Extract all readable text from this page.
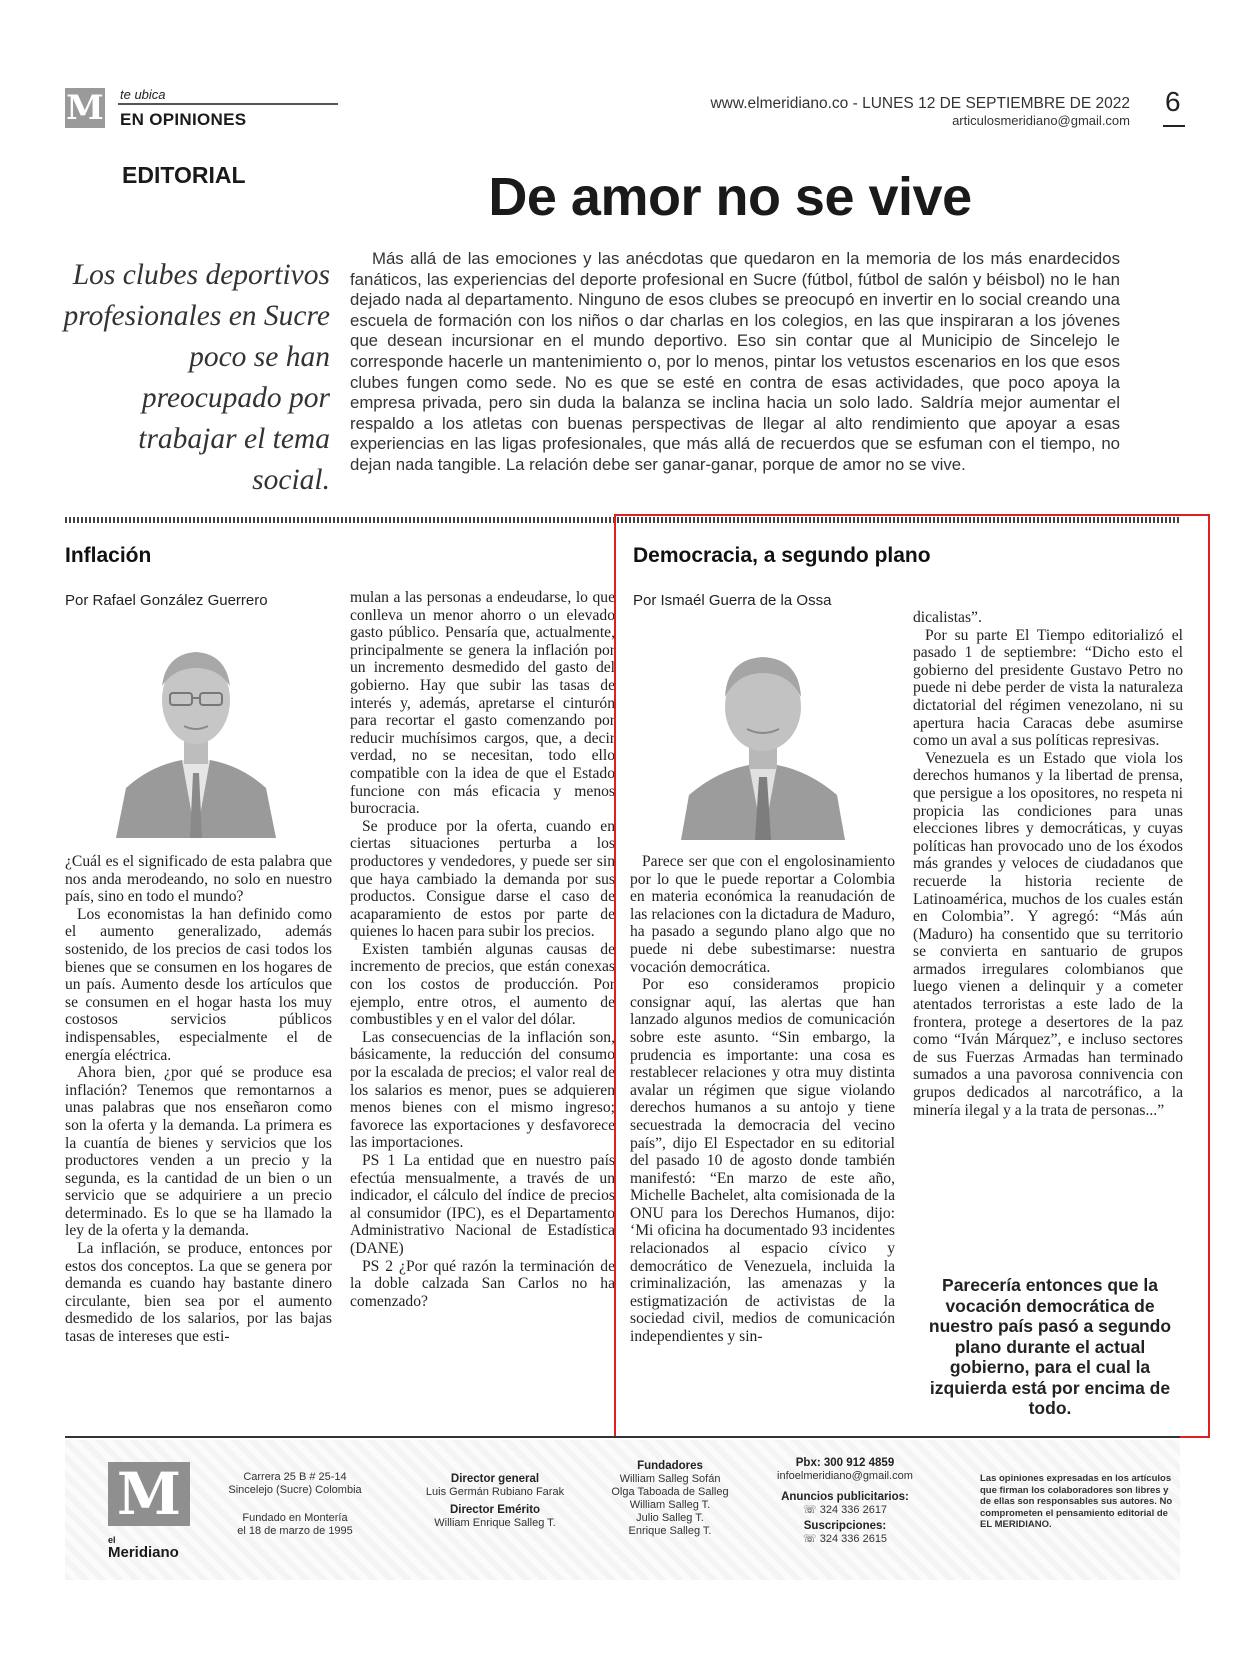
M te ubica
EN OPINIONES
www.elmeridiano.co - LUNES 12 DE SEPTIEMBRE DE 2022
articulosmeridiano@gmail.com
6
EDITORIAL	De amor no se vive
Los clubes deportivos profesionales en Sucre poco se han preocupado por trabajar el tema social.
Más allá de las emociones y las anécdotas que quedaron en la memoria de los más enardecidos fanáticos, las experiencias del deporte profesional en Sucre (fútbol, fútbol de salón y béisbol) no le han dejado nada al departamento. Ninguno de esos clubes se preocupó en invertir en lo social creando una escuela de formación con los niños o dar charlas en los colegios, en las que inspiraran a los jóvenes que desean incursionar en el mundo deportivo. Eso sin contar que al Municipio de Sincelejo le corresponde hacerle un mantenimiento o, por lo menos, pintar los vetustos escenarios en los que esos clubes fungen como sede. No es que se esté en contra de esas actividades, que poco apoya la empresa privada, pero sin duda la balanza se inclina hacia un solo lado. Saldría mejor aumentar el respaldo a los atletas con buenas perspectivas de llegar al alto rendimiento que apoyar a esas experiencias en las ligas profesionales, que más allá de recuerdos que se esfuman con el tiempo, no dejan nada tangible. La relación debe ser ganar-ganar, porque de amor no se vive.
Inflación
Por Rafael González Guerrero

¿Cuál es el significado de esta palabra que nos anda merodeando, no solo en nuestro país, sino en todo el mundo?

Los economistas la han definido como el aumento generalizado, además sostenido, de los precios de casi todos los bienes que se consumen en los hogares de un país. Aumento desde los artículos que se consumen en el hogar hasta los muy costosos servicios públicos indispensables, especialmente el de energía eléctrica.

Ahora bien, ¿por qué se produce esa inflación? Tenemos que remontarnos a unas palabras que nos enseñaron como son la oferta y la demanda. La primera es la cuantía de bienes y servicios que los productores venden a un precio y la segunda, es la cantidad de un bien o un servicio que se adquiriere a un precio determinado. Es lo que se ha llamado la ley de la oferta y la demanda.

La inflación, se produce, entonces por estos dos conceptos. La que se genera por demanda es cuando hay bastante dinero circulante, bien sea por el aumento desmedido de los salarios, por las bajas tasas de intereses que esti-

mulan a las personas a endeudarse, lo que conlleva un menor ahorro o un elevado gasto público. Pensaría que, actualmente, principalmente se genera la inflación por un incremento desmedido del gasto del gobierno. Hay que subir las tasas de interés y, además, apretarse el cinturón para recortar el gasto comenzando por reducir muchísimos cargos, que, a decir verdad, no se necesitan, todo ello compatible con la idea de que el Estado funcione con más eficacia y menos burocracia.

Se produce por la oferta, cuando en ciertas situaciones perturba a los productores y vendedores, y puede ser sin que haya cambiado la demanda por sus productos. Consigue darse el caso de acaparamiento de estos por parte de quienes lo hacen para subir los precios.

Existen también algunas causas de incremento de precios, que están conexas con los costos de producción. Por ejemplo, entre otros, el aumento de combustibles y en el valor del dólar.

Las consecuencias de la inflación son, básicamente, la reducción del consumo por la escalada de precios; el valor real de los salarios es menor, pues se adquieren menos bienes con el mismo ingreso; favorece las exportaciones y desfavorece las importaciones.

PS 1 La entidad que en nuestro país efectúa mensualmente, a través de un indicador, el cálculo del índice de precios al consumidor (IPC), es el Departamento Administrativo Nacional de Estadística (DANE)

PS 2 ¿Por qué razón la terminación de la doble calzada San Carlos no ha comenzado?

Democracia, a segundo plano
Por Ismaél Guerra de la Ossa

Parece ser que con el engolosinamiento por lo que le puede reportar a Colombia en materia económica la reanudación de las relaciones con la dictadura de Maduro, ha pasado a segundo plano algo que no puede ni debe subestimarse: nuestra vocación democrática.

Por eso consideramos propicio consignar aquí, las alertas que han lanzado algunos medios de comunicación sobre este asunto. “Sin embargo, la prudencia es importante: una cosa es restablecer relaciones y otra muy distinta avalar un régimen que sigue violando derechos humanos a su antojo y tiene secuestrada la democracia del vecino país”, dijo El Espectador en su editorial del pasado 10 de agosto donde también manifestó: “En marzo de este año, Michelle Bachelet, alta comisionada de la ONU para los Derechos Humanos, dijo: ‘Mi oficina ha documentado 93 incidentes relacionados al espacio cívico y democrático de Venezuela, incluida la criminalización, las amenazas y la estigmatización de activistas de la sociedad civil, medios de comunicación independientes y sin-

dicalistas”.

Por su parte El Tiempo editorializó el pasado 1 de septiembre: “Dicho esto el gobierno del presidente Gustavo Petro no puede ni debe perder de vista la naturaleza dictatorial del régimen venezolano, ni su apertura hacia Caracas debe asumirse como un aval a sus políticas represivas.

Venezuela es un Estado que viola los derechos humanos y la libertad de prensa, que persigue a los opositores, no respeta ni propicia las condiciones para unas elecciones libres y democráticas, y cuyas políticas han provocado uno de los éxodos más grandes y veloces de ciudadanos que recuerde la historia reciente de Latinoamérica, muchos de los cuales están en Colombia”. Y agregó: “Más aún (Maduro) ha consentido que su territorio se convierta en santuario de grupos armados irregulares colombianos que luego vienen a delinquir y a cometer atentados terroristas a este lado de la frontera, protege a desertores de la paz como “Iván Márquez”, e incluso sectores de sus Fuerzas Armadas han terminado sumados a una pavorosa connivencia con grupos dedicados al narcotráfico, a la minería ilegal y a la trata de personas...”

Parecería entonces que la vocación democrática de nuestro país pasó a segundo plano durante el actual gobierno, para el cual la izquierda está por encima de todo.
M
el
Meridiano
Carrera 25 B # 25-14
Sincelejo (Sucre) Colombia
Fundado en Montería
el 18 de marzo de 1995
Director general
Luis Germán Rubiano Farak
Director Emérito
William Enrique Salleg T.
Fundadores
William Salleg Sofán
Olga Taboada de Salleg
William Salleg T.
Julio Salleg T.
Enrique Salleg T.
Pbx: 300 912 4859
infoelmeridiano@gmail.com
Anuncios publicitarios:
☏ 324 336 2617
Suscripciones:
☏ 324 336 2615
Las opiniones expresadas en los artículos que firman los colaboradores son libres y de ellas son responsables sus autores. No comprometen el pensamiento editorial de EL MERIDIANO.
